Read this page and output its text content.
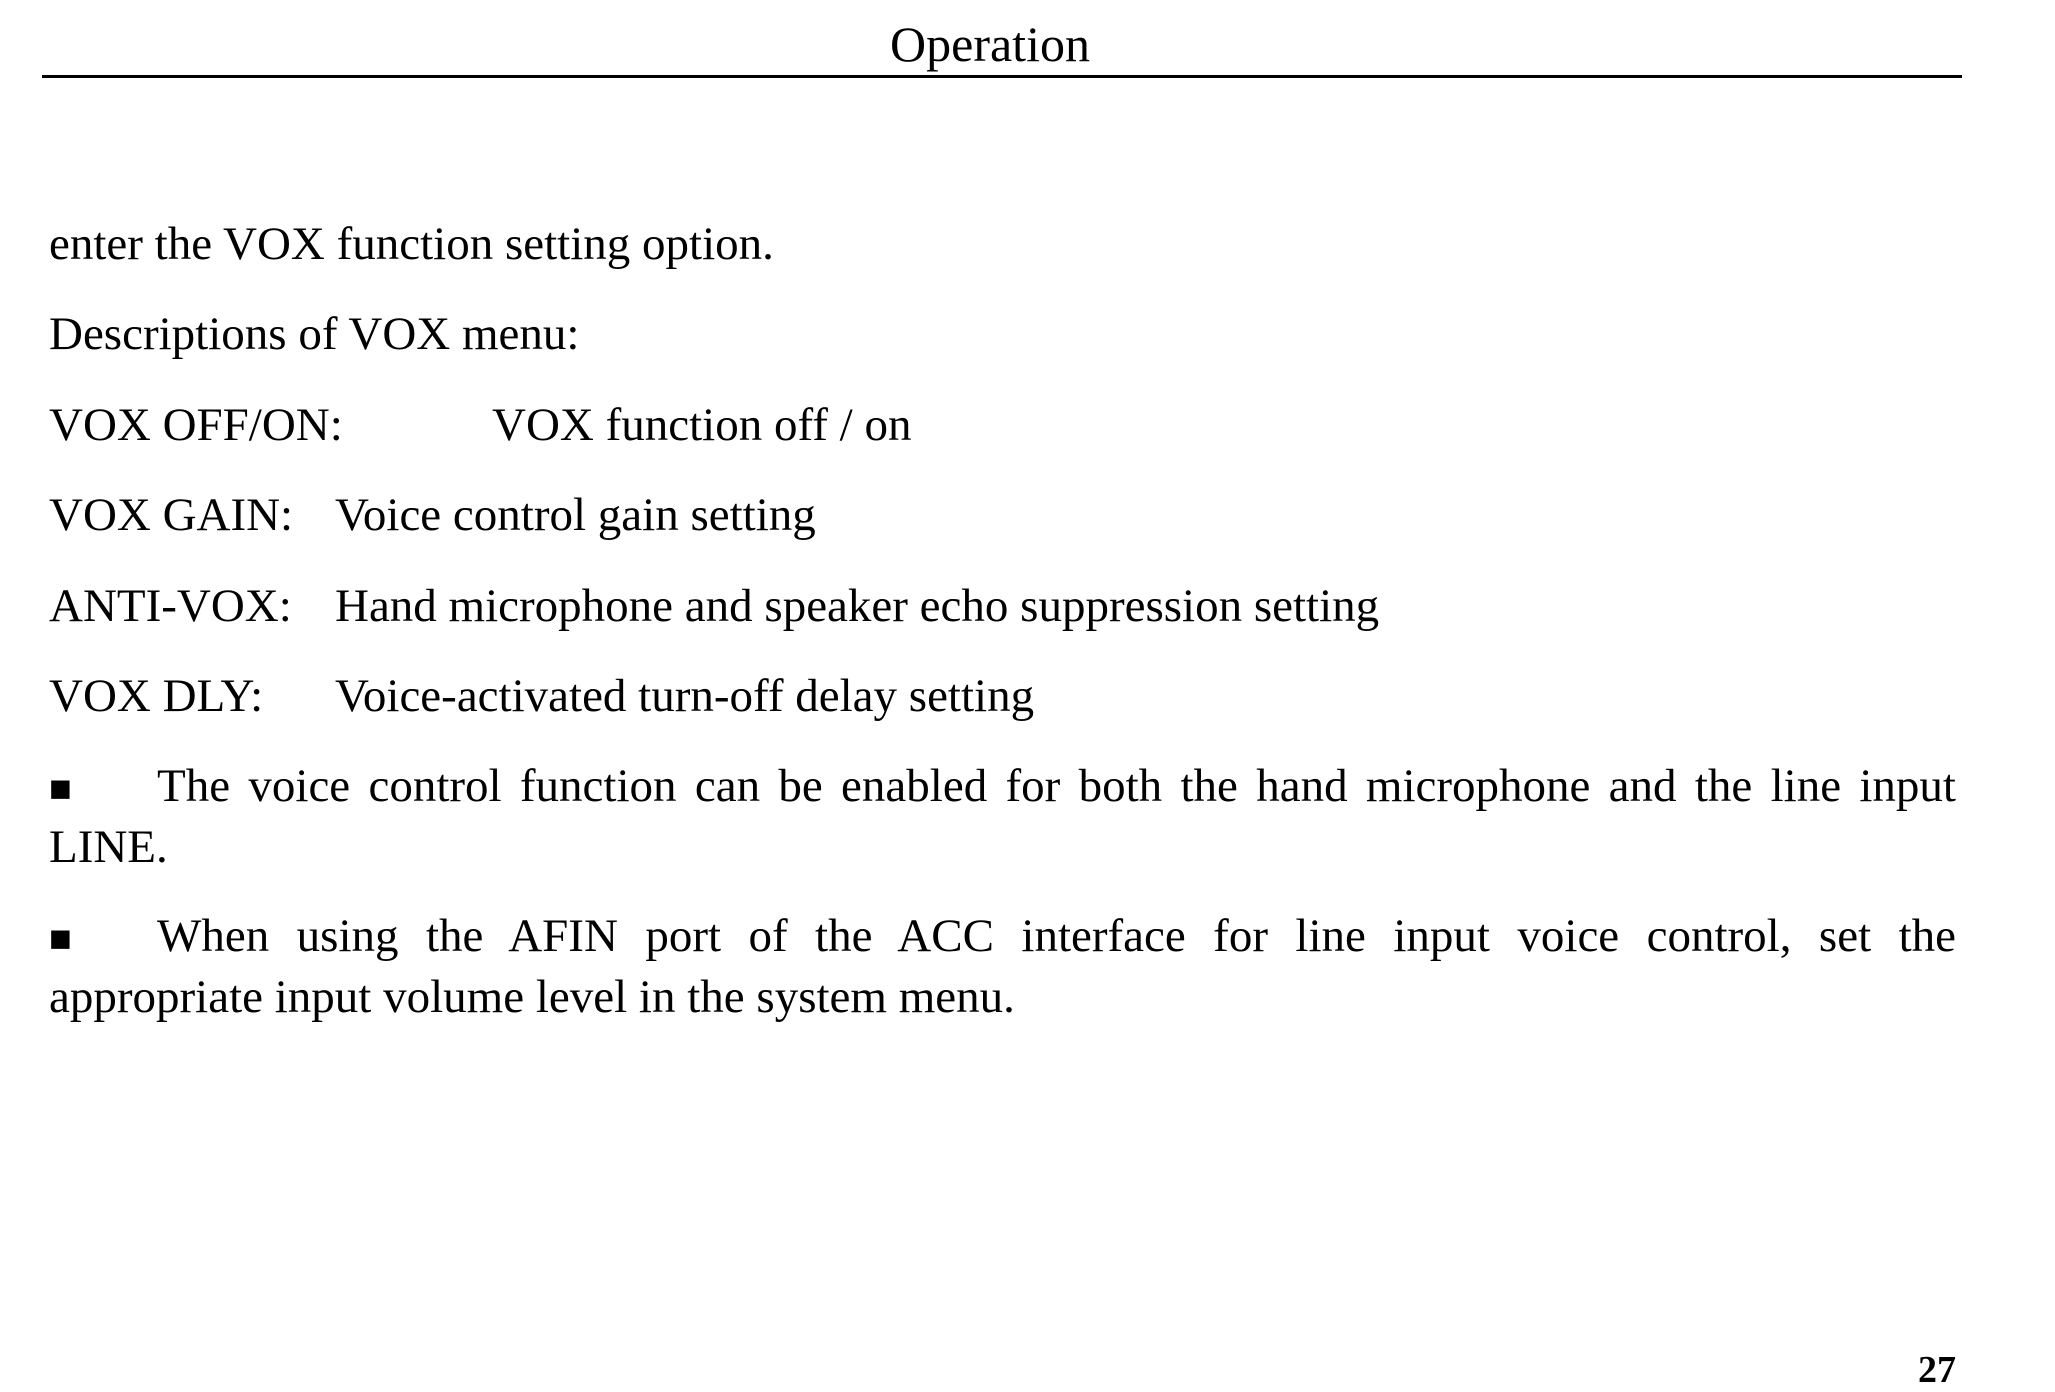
Operation
enter the VOX function setting option.
Descriptions of VOX menu:
VOX OFF/ON:	VOX function off / on
VOX GAIN: Voice control gain setting
ANTI-VOX: Hand microphone and speaker echo suppression setting
VOX DLY: Voice-activated turn-off delay setting
■ The voice control function can be enabled for both the hand microphone and the line input
LINE.
■ When using the AFIN port of the ACC interface for line input voice control, set the
appropriate input volume level in the system menu.
27
